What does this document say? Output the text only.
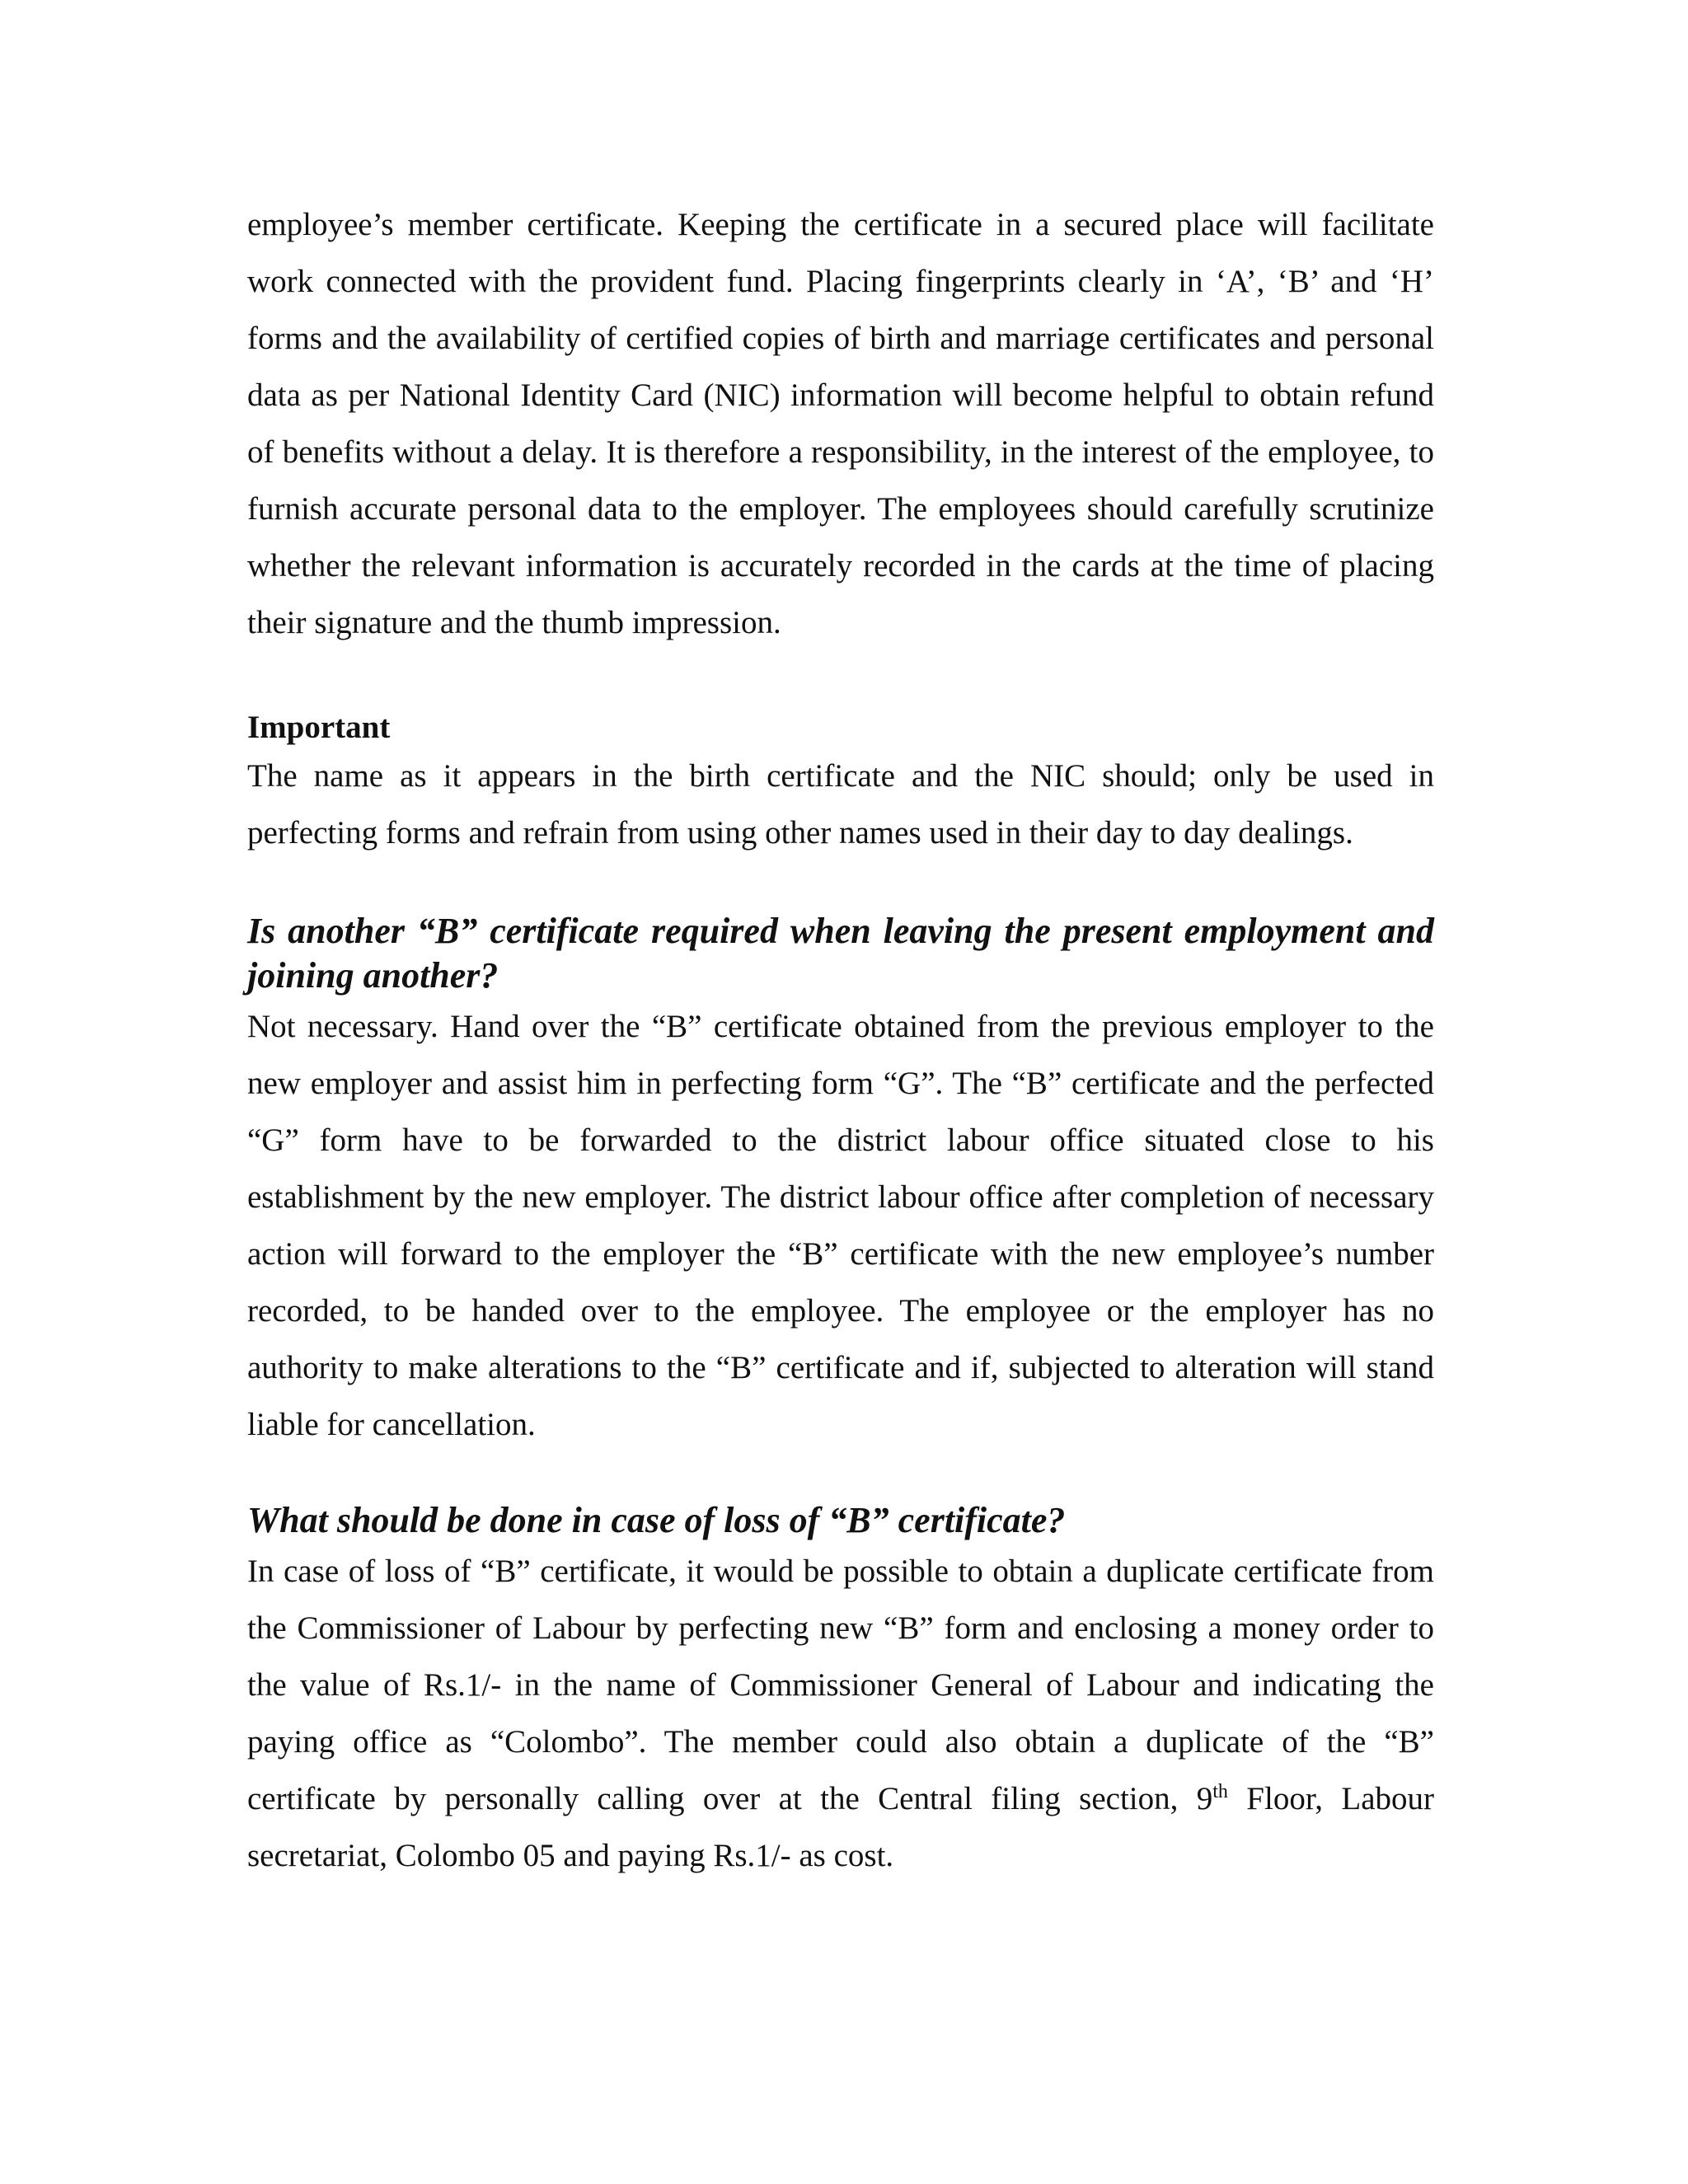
employee’s member certificate. Keeping the certificate in a secured place will facilitate work connected with the provident fund. Placing fingerprints clearly in ‘A’, ‘B’ and ‘H’ forms and the availability of certified copies of birth and marriage certificates and personal data as per National Identity Card (NIC) information will become helpful to obtain refund of benefits without a delay. It is therefore a responsibility, in the interest of the employee, to furnish accurate personal data to the employer. The employees should carefully scrutinize whether the relevant information is accurately recorded in the cards at the time of placing their signature and the thumb impression.

Important

The name as it appears in the birth certificate and the NIC should; only be used in perfecting forms and refrain from using other names used in their day to day dealings.

Is another “B” certificate required when leaving the present employment and joining another?

Not necessary. Hand over the “B” certificate obtained from the previous employer to the new employer and assist him in perfecting form “G”. The “B” certificate and the perfected “G” form have to be forwarded to the district labour office situated close to his establishment by the new employer. The district labour office after completion of necessary action will forward to the employer the “B” certificate with the new employee’s number recorded, to be handed over to the employee. The employee or the employer has no authority to make alterations to the “B” certificate and if, subjected to alteration will stand liable for cancellation.

What should be done in case of loss of “B” certificate?

In case of loss of “B” certificate, it would be possible to obtain a duplicate certificate from the Commissioner of Labour by perfecting new “B” form and enclosing a money order to the value of Rs.1/- in the name of Commissioner General of Labour and indicating the paying office as “Colombo”. The member could also obtain a duplicate of the “B” certificate by personally calling over at the Central filing section, 9th Floor, Labour secretariat, Colombo 05 and paying Rs.1/- as cost.
